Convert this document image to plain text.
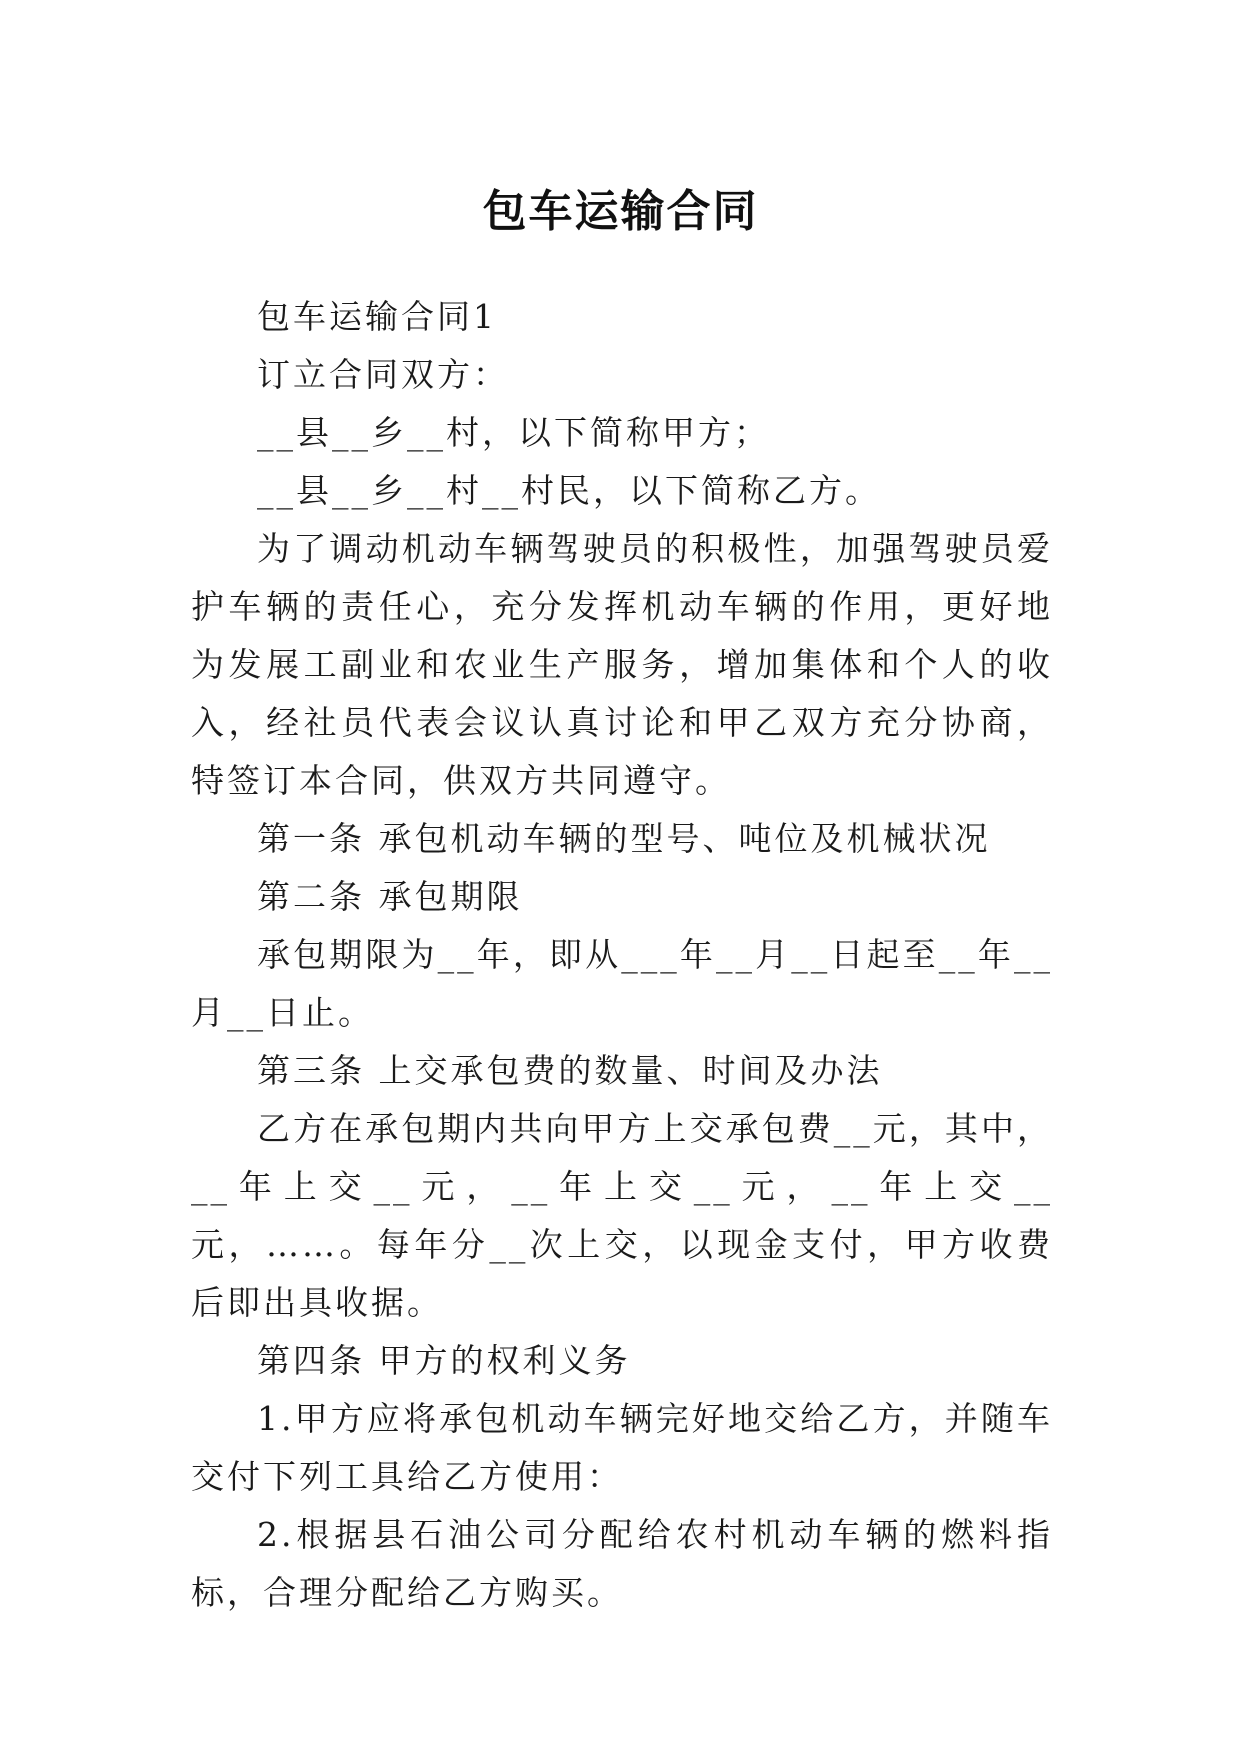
包车运输合同

包车运输合同1

订立合同双方：

__县__乡__村，以下简称甲方；

__县__乡__村__村民，以下简称乙方。

为了调动机动车辆驾驶员的积极性，加强驾驶员爱护车辆的责任心，充分发挥机动车辆的作用，更好地为发展工副业和农业生产服务，增加集体和个人的收入，经社员代表会议认真讨论和甲乙双方充分协商，特签订本合同，供双方共同遵守。

第一条 承包机动车辆的型号、吨位及机械状况

第二条 承包期限

承包期限为__年，即从___年__月__日起至__年__月__日止。

第三条 上交承包费的数量、时间及办法

乙方在承包期内共向甲方上交承包费__元，其中，__年上交__元，__年上交__元，__年上交__元，……。每年分__次上交，以现金支付，甲方收费后即出具收据。

第四条 甲方的权利义务

1.甲方应将承包机动车辆完好地交给乙方，并随车交付下列工具给乙方使用：

2.根据县石油公司分配给农村机动车辆的燃料指标，合理分配给乙方购买。
